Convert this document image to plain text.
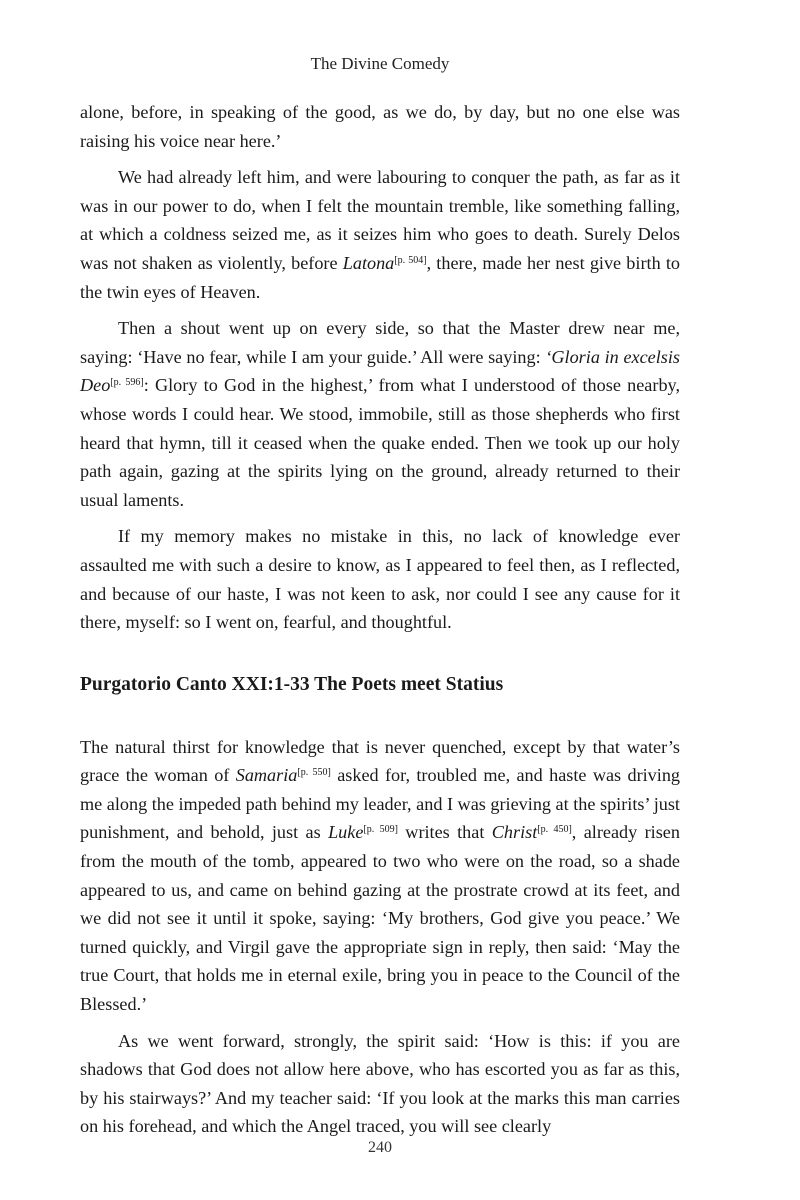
The Divine Comedy

alone, before, in speaking of the good, as we do, by day, but no one else was raising his voice near here.’

We had already left him, and were labouring to conquer the path, as far as it was in our power to do, when I felt the mountain tremble, like something falling, at which a coldness seized me, as it seizes him who goes to death. Surely Delos was not shaken as violently, before Latona[p. 504], there, made her nest give birth to the twin eyes of Heaven.

Then a shout went up on every side, so that the Master drew near me, saying: ‘Have no fear, while I am your guide.’ All were saying: ‘Gloria in excelsis Deo[p. 596]: Glory to God in the highest,’ from what I understood of those nearby, whose words I could hear. We stood, immobile, still as those shepherds who first heard that hymn, till it ceased when the quake ended. Then we took up our holy path again, gazing at the spirits lying on the ground, already returned to their usual laments.

If my memory makes no mistake in this, no lack of knowledge ever assaulted me with such a desire to know, as I appeared to feel then, as I reflected, and because of our haste, I was not keen to ask, nor could I see any cause for it there, myself: so I went on, fearful, and thoughtful.

Purgatorio Canto XXI:1-33 The Poets meet Statius

The natural thirst for knowledge that is never quenched, except by that water’s grace the woman of Samaria[p. 550] asked for, troubled me, and haste was driving me along the impeded path behind my leader, and I was grieving at the spirits’ just punishment, and behold, just as Luke[p. 509] writes that Christ[p. 450], already risen from the mouth of the tomb, appeared to two who were on the road, so a shade appeared to us, and came on behind gazing at the prostrate crowd at its feet, and we did not see it until it spoke, saying: ‘My brothers, God give you peace.’ We turned quickly, and Virgil gave the appropriate sign in reply, then said: ‘May the true Court, that holds me in eternal exile, bring you in peace to the Council of the Blessed.’

As we went forward, strongly, the spirit said: ‘How is this: if you are shadows that God does not allow here above, who has escorted you as far as this, by his stairways?’ And my teacher said: ‘If you look at the marks this man carries on his forehead, and which the Angel traced, you will see clearly

240
